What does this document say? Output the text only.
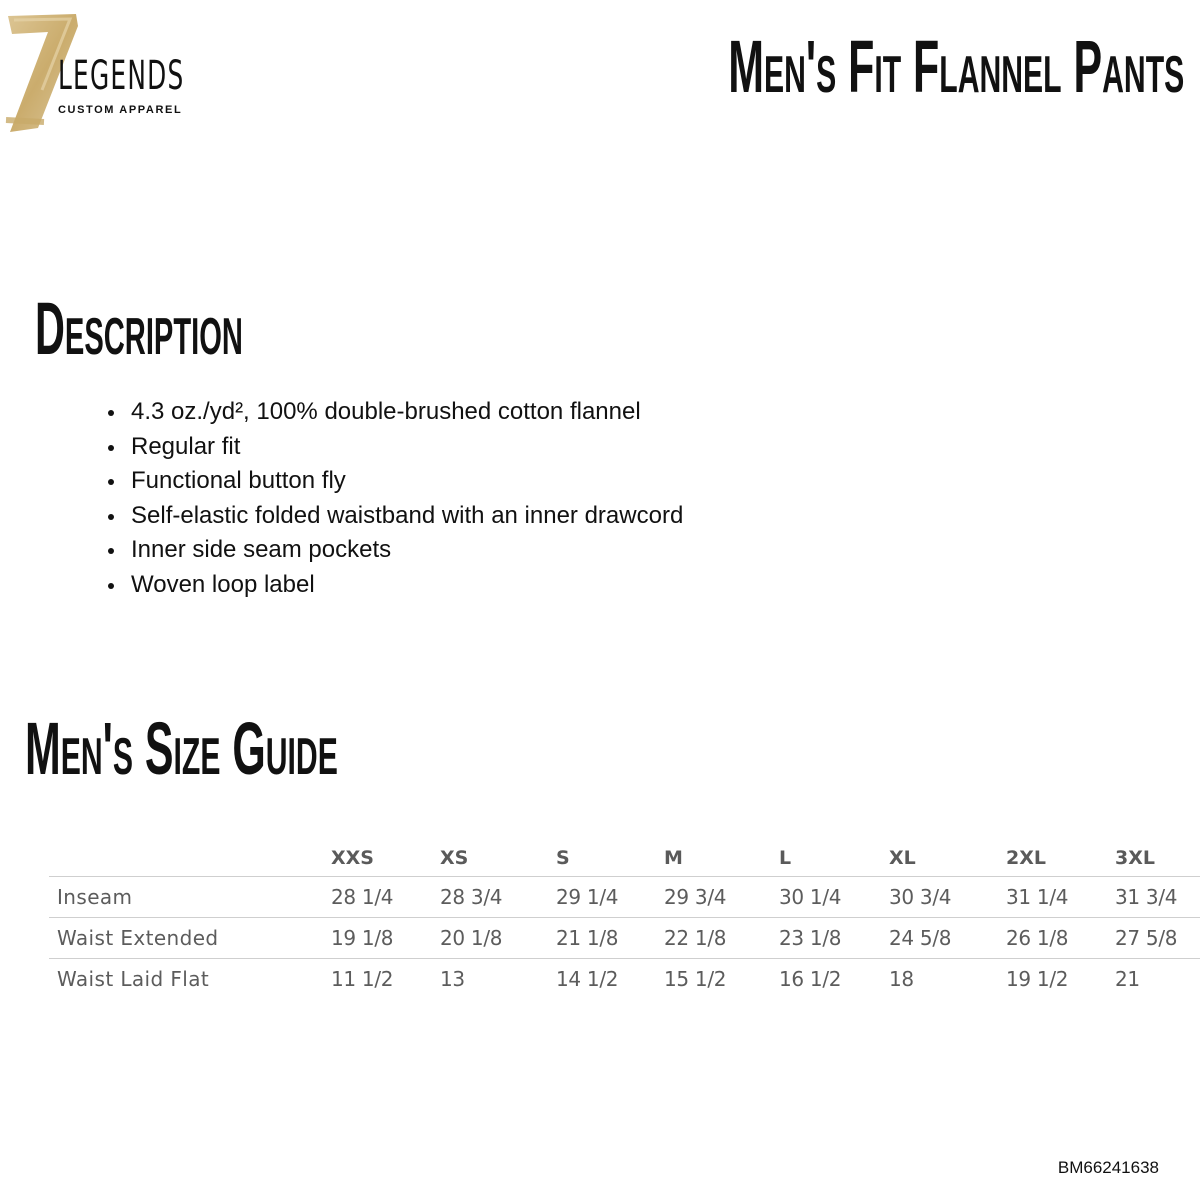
LEGENDS
CUSTOM APPAREL
Men's Fit Flannel Pants
Description
4.3 oz./yd², 100% double-brushed cotton flannel
Regular fit
Functional button fly
Self-elastic folded waistband with an inner drawcord
Inner side seam pockets
Woven loop label
Men's Size Guide
	XXS	XS	S	M	L	XL	2XL	3XL
Inseam	28 1/4	28 3/4	29 1/4	29 3/4	30 1/4	30 3/4	31 1/4	31 3/4
Waist Extended	19 1/8	20 1/8	21 1/8	22 1/8	23 1/8	24 5/8	26 1/8	27 5/8
Waist Laid Flat	11 1/2	13	14 1/2	15 1/2	16 1/2	18	19 1/2	21
BM66241638
